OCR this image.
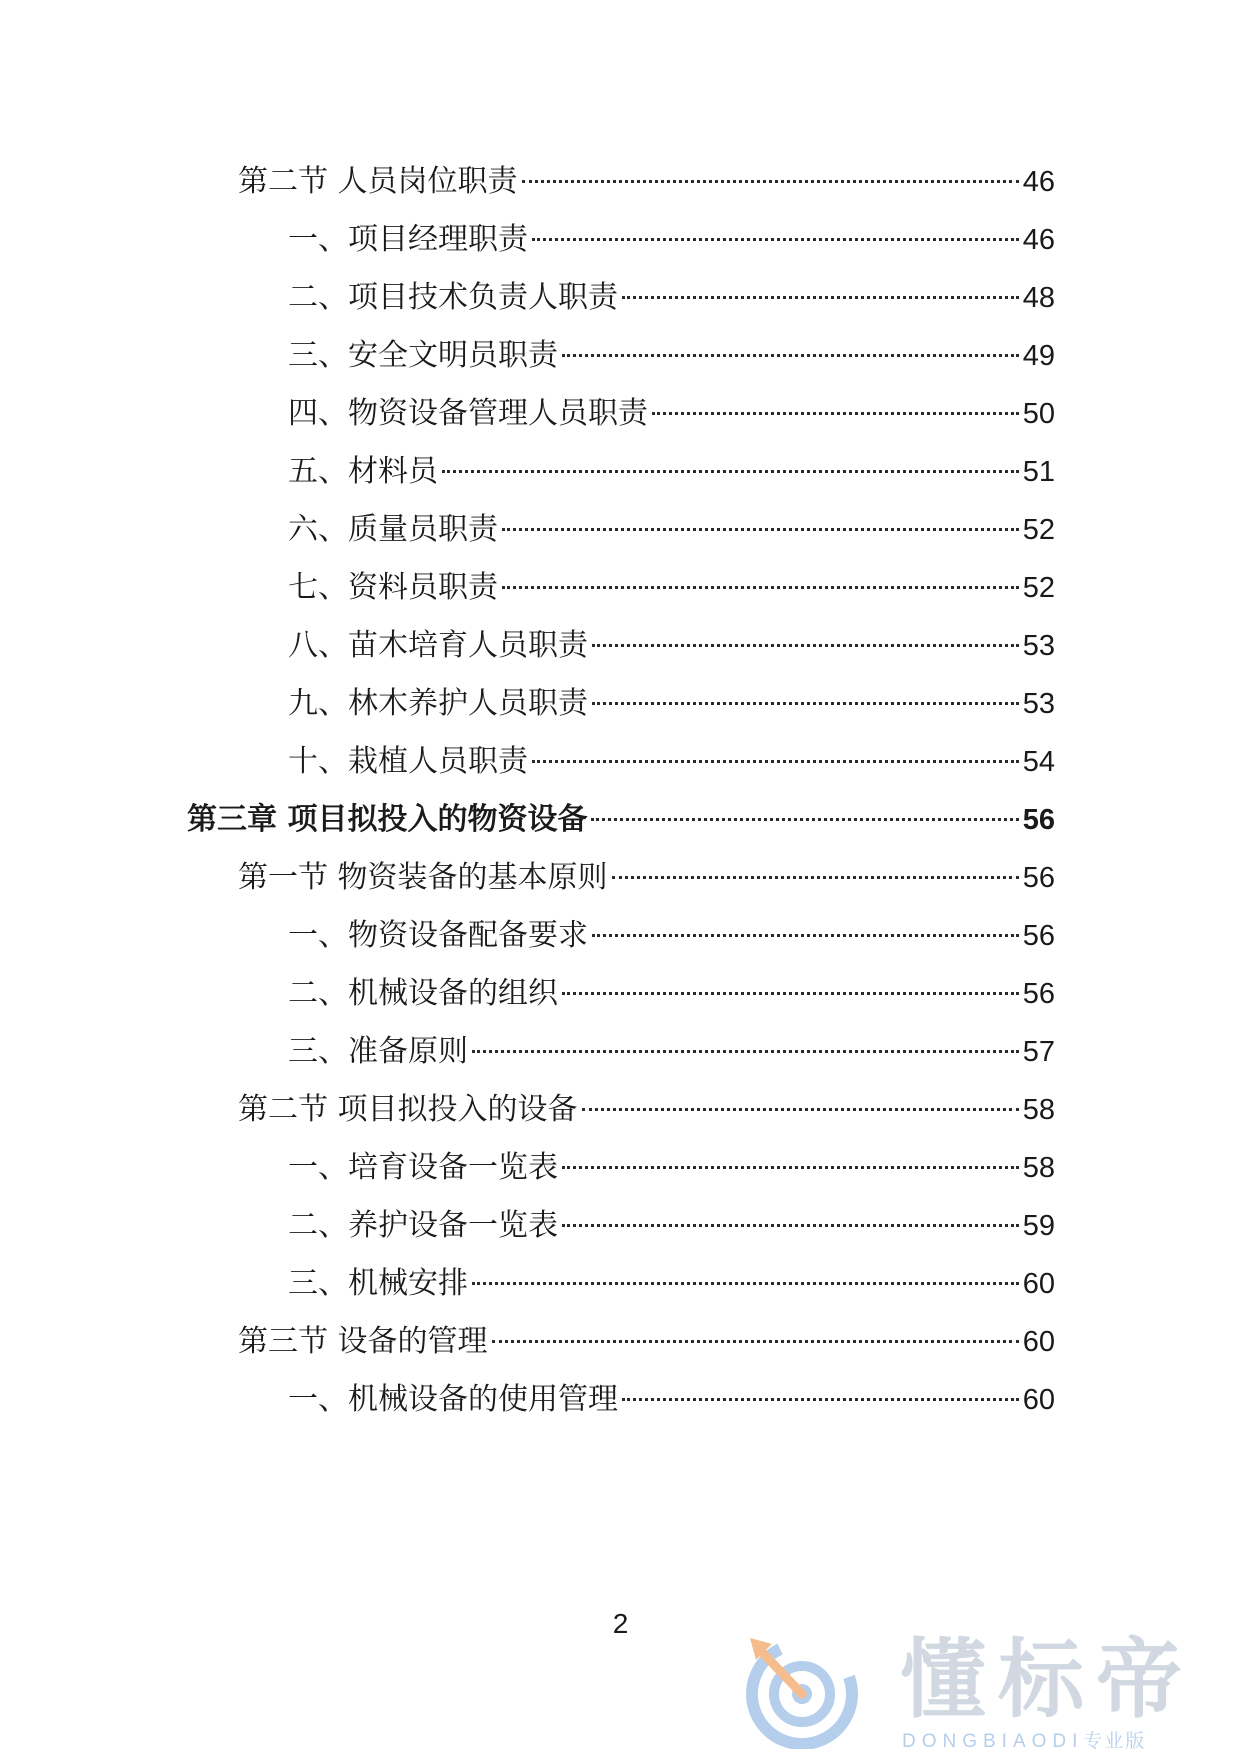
第二节 人员岗位职责	46
一、项目经理职责	46
二、项目技术负责人职责	48
三、安全文明员职责	49
四、物资设备管理人员职责	50
五、材料员	51
六、质量员职责	52
七、资料员职责	52
八、苗木培育人员职责	53
九、林木养护人员职责	53
十、栽植人员职责	54
第三章 项目拟投入的物资设备	56
第一节 物资装备的基本原则	56
一、物资设备配备要求	56
二、机械设备的组织	56
三、准备原则	57
第二节 项目拟投入的设备	58
一、培育设备一览表	58
二、养护设备一览表	59
三、机械安排	60
第三节 设备的管理	60
一、机械设备的使用管理	60
2
懂标帝
DONGBIAODI专业版
